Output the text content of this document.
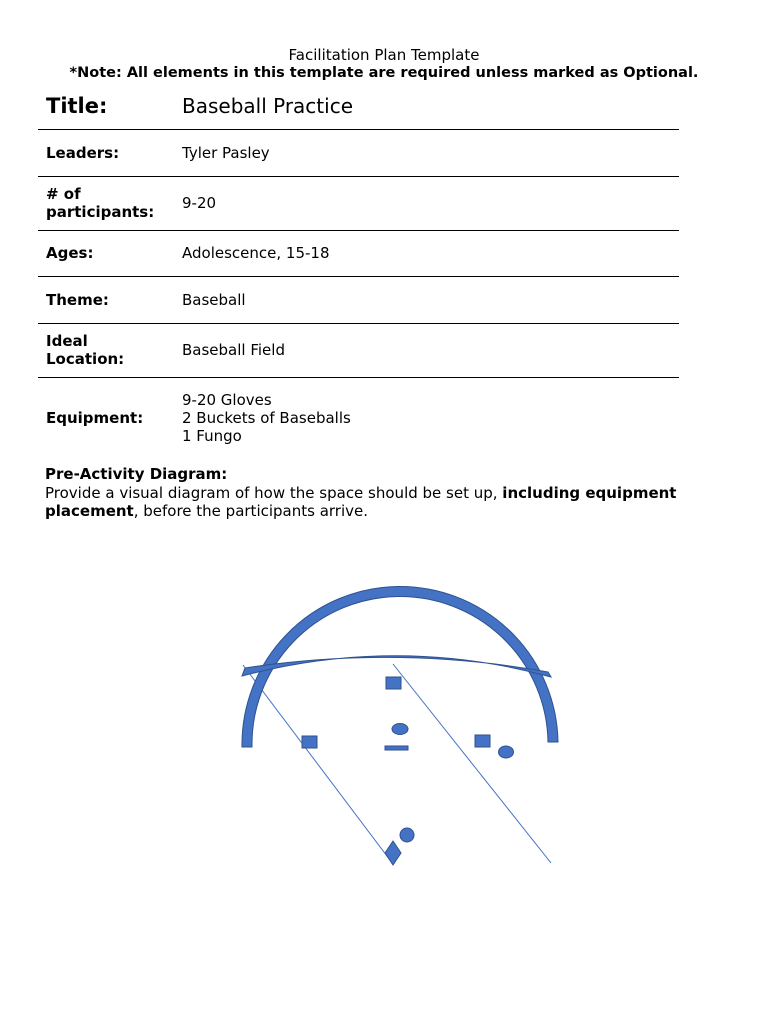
Facilitation Plan Template
*Note: All elements in this template are required unless marked as Optional.
Title:	Baseball Practice
Leaders:	Tyler Pasley

# of
participants:	9-20
Ages:	Adolescence, 15-18
Theme:	Baseball

Ideal
Location:	Baseball Field
Equipment:	9-20 Gloves
2 Buckets of Baseballs
1 Fungo
Pre-Activity Diagram:
Provide a visual diagram of how the space should be set up, including equipment placement, before the participants arrive.
